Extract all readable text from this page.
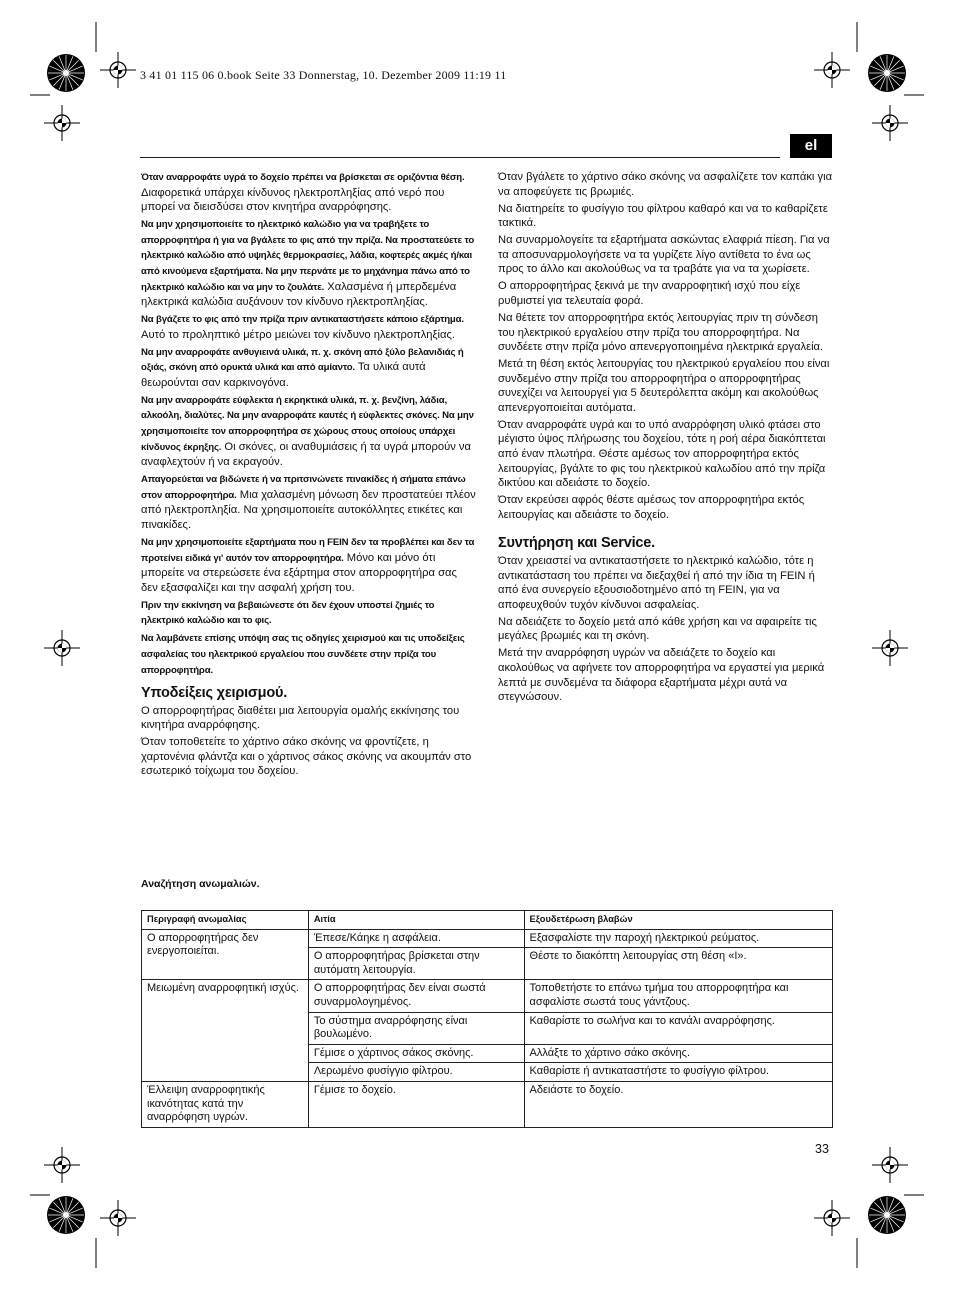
3 41 01 115 06 0.book Seite 33 Donnerstag, 10. Dezember 2009 11:19 11
el

Όταν αναρροφάτε υγρά το δοχείο πρέπει να βρίσκεται σε οριζόντια θέση. Διαφορετικά υπάρχει κίνδυνος ηλεκτροπληξίας από νερό που μπορεί να διεισδύσει στον κινητήρα αναρρόφησης.

Να μην χρησιμοποιείτε το ηλεκτρικό καλώδιο για να τραβήξετε το απορροφητήρα ή για να βγάλετε το φις από την πρίζα. Να προστατεύετε το ηλεκτρικό καλώδιο από υψηλές θερμοκρασίες, λάδια, κοφτερές ακμές ή/και από κινούμενα εξαρτήματα. Να μην περνάτε με το μηχάνημα πάνω από το ηλεκτρικό καλώδιο και να μην το ζουλάτε. Χαλασμένα ή μπερδεμένα ηλεκτρικά καλώδια αυξάνουν τον κίνδυνο ηλεκτροπληξίας.

Να βγάζετε το φις από την πρίζα πριν αντικαταστήσετε κάποιο εξάρτημα. Αυτό το προληπτικό μέτρο μειώνει τον κίνδυνο ηλεκτροπληξίας.

Να μην αναρροφάτε ανθυγιεινά υλικά, π. χ. σκόνη από ξύλο βελανιδιάς ή οξιάς, σκόνη από ορυκτά υλικά και από αμίαντο. Τα υλικά αυτά θεωρούνται σαν καρκινογόνα.

Να μην αναρροφάτε εύφλεκτα ή εκρηκτικά υλικά, π. χ. βενζίνη, λάδια, αλκοόλη, διαλύτες. Να μην αναρροφάτε καυτές ή εύφλεκτες σκόνες. Να μην χρησιμοποιείτε τον απορροφητήρα σε χώρους στους οποίους υπάρχει κίνδυνος έκρηξης. Οι σκόνες, οι αναθυμιάσεις ή τα υγρά μπορούν να αναφλεχτούν ή να εκραγούν.

Απαγορεύεται να βιδώνετε ή να πριτσινώνετε πινακίδες ή σήματα επάνω στον απορροφητήρα. Μια χαλασμένη μόνωση δεν προστατεύει πλέον από ηλεκτροπληξία. Να χρησιμοποιείτε αυτοκόλλητες ετικέτες και πινακίδες.

Να μην χρησιμοποιείτε εξαρτήματα που η FEIN δεν τα προβλέπει και δεν τα προτείνει ειδικά γι' αυτόν τον απορροφητήρα. Μόνο και μόνο ότι μπορείτε να στερεώσετε ένα εξάρτημα στον απορροφητήρα σας δεν εξασφαλίζει και την ασφαλή χρήση του.

Πριν την εκκίνηση να βεβαιώνεστε ότι δεν έχουν υποστεί ζημιές το ηλεκτρικό καλώδιο και το φις.

Να λαμβάνετε επίσης υπόψη σας τις οδηγίες χειρισμού και τις υποδείξεις ασφαλείας του ηλεκτρικού εργαλείου που συνδέετε στην πρίζα του απορροφητήρα.

Υποδείξεις χειρισμού.

Ο απορροφητήρας διαθέτει μια λειτουργία ομαλής εκκίνησης του κινητήρα αναρρόφησης.

Όταν τοποθετείτε το χάρτινο σάκο σκόνης να φροντίζετε, η χαρτονένια φλάντζα και ο χάρτινος σάκος σκόνης να ακουμπάν στο εσωτερικό τοίχωμα του δοχείου.

Όταν βγάλετε το χάρτινο σάκο σκόνης να ασφαλίζετε τον καπάκι για να αποφεύγετε τις βρωμιές.

Να διατηρείτε το φυσίγγιο του φίλτρου καθαρό και να το καθαρίζετε τακτικά.

Να συναρμολογείτε τα εξαρτήματα ασκώντας ελαφριά πίεση. Για να τα αποσυναρμολογήσετε να τα γυρίζετε λίγο αντίθετα το ένα ως προς το άλλο και ακολούθως να τα τραβάτε για να τα χωρίσετε.

Ο απορροφητήρας ξεκινά με την αναρροφητική ισχύ που είχε ρυθμιστεί για τελευταία φορά.

Να θέτετε τον απορροφητήρα εκτός λειτουργίας πριν τη σύνδεση του ηλεκτρικού εργαλείου στην πρίζα του απορροφητήρα. Να συνδέετε στην πρίζα μόνο απενεργοποιημένα ηλεκτρικά εργαλεία.

Μετά τη θέση εκτός λειτουργίας του ηλεκτρικού εργαλείου που είναι συνδεμένο στην πρίζα του απορροφητήρα ο απορροφητήρας συνεχίζει να λειτουργεί για 5 δευτερόλεπτα ακόμη και ακολούθως απενεργοποιείται αυτόματα.

Όταν αναρροφάτε υγρά και το υπό αναρρόφηση υλικό φτάσει στο μέγιστο ύψος πλήρωσης του δοχείου, τότε η ροή αέρα διακόπτεται από έναν πλωτήρα. Θέστε αμέσως τον απορροφητήρα εκτός λειτουργίας, βγάλτε το φις του ηλεκτρικού καλωδίου από την πρίζα δικτύου και αδειάστε το δοχείο.

Όταν εκρεύσει αφρός θέστε αμέσως τον απορροφητήρα εκτός λειτουργίας και αδειάστε το δοχείο.

Συντήρηση και Service.

Όταν χρειαστεί να αντικαταστήσετε το ηλεκτρικό καλώδιο, τότε η αντικατάσταση του πρέπει να διεξαχθεί ή από την ίδια τη FEIN ή από ένα συνεργείο εξουσιοδοτημένο από τη FEIN, για να αποφευχθούν τυχόν κίνδυνοι ασφαλείας.

Να αδειάζετε το δοχείο μετά από κάθε χρήση και να αφαιρείτε τις μεγάλες βρωμιές και τη σκόνη.

Μετά την αναρρόφηση υγρών να αδειάζετε το δοχείο και ακολούθως να αφήνετε τον απορροφητήρα να εργαστεί για μερικά λεπτά με συνδεμένα τα διάφορα εξαρτήματα μέχρι αυτά να στεγνώσουν.

Αναζήτηση ανωμαλιών.
Περιγραφή ανωμαλίας	Αιτία	Εξουδετέρωση βλαβών
Ο απορροφητήρας δεν ενεργοποιείται.	Έπεσε/Κάηκε η ασφάλεια.	Εξασφαλίστε την παροχή ηλεκτρικού ρεύματος.
	Ο απορροφητήρας βρίσκεται στην αυτόματη λειτουργία.	Θέστε το διακόπτη λειτουργίας στη θέση «I».
Μειωμένη αναρροφητική ισχύς.	Ο απορροφητήρας δεν είναι σωστά συναρμολογημένος.	Τοποθετήστε το επάνω τμήμα του απορροφητήρα και ασφαλίστε σωστά τους γάντζους.
	Το σύστημα αναρρόφησης είναι βουλωμένο.	Καθαρίστε το σωλήνα και το κανάλι αναρρόφησης.
	Γέμισε ο χάρτινος σάκος σκόνης.	Αλλάξτε το χάρτινο σάκο σκόνης.
	Λερωμένο φυσίγγιο φίλτρου.	Καθαρίστε ή αντικαταστήστε το φυσίγγιο φίλτρου.
Έλλειψη αναρροφητικής ικανότητας κατά την αναρρόφηση υγρών.	Γέμισε το δοχείο.	Αδειάστε το δοχείο.
33
